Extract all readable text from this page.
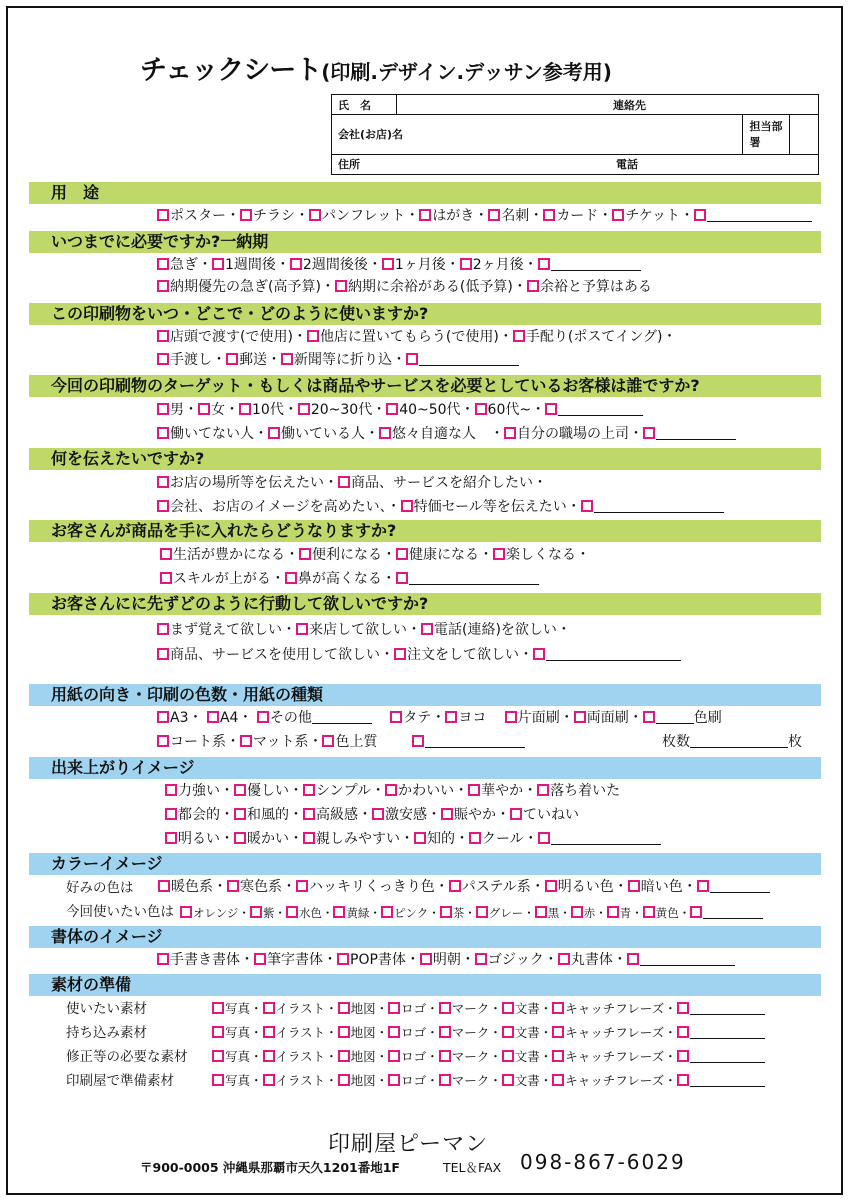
チェックシート(印刷.デザイン.デッサン参考用)
氏　名	連絡先		
会社(お店)名		担当部署	
住所 電話			
用　途
いつまでに必要ですか?一納期
この印刷物をいつ・どこで・どのように使いますか?
今回の印刷物のターゲット・もしくは商品やサービスを必要としているお客様は誰ですか?
何を伝えたいですか?
お客さんが商品を手に入れたらどうなりますか?
お客さんにに先ずどのように行動して欲しいですか?
用紙の向き・印刷の色数・用紙の種類
出来上がりイメージ
カラーイメージ
書体のイメージ
素材の準備
ポスター・ チラシ・ パンフレット・ はがき・ 名刺・ カード・ チケット・
急ぎ・ 1週間後・ 2週間後後・ 1ヶ月後・ 2ヶ月後・
納期優先の急ぎ(高予算)・ 納期に余裕がある(低予算)・ 余裕と予算はある
店頭で渡す(で使用)・ 他店に置いてもらう(で使用)・ 手配り(ポスてイング)・
手渡し・ 郵送・ 新聞等に折り込・
男・ 女・ 10代・ 20~30代・ 40~50代・ 60代~・
働いてない人・ 働いている人・ 悠々自適な人　・ 自分の職場の上司・
お店の場所等を伝えたい・ 商品、サービスを紹介したい・
会社、お店のイメージを高めたい、・ 特価セール等を伝えたい・
生活が豊かになる・ 便利になる・ 健康になる・ 楽しくなる・
スキルが上がる・ 鼻が高くなる・
まず覚えて欲しい・ 来店して欲しい・ 電話(連絡)を欲しい・
商品、サービスを使用して欲しい・ 注文をして欲しい・
A3・ A4・ その他	タテ・ ヨコ 片面刷・ 両面刷・	色刷
コート系・ マット系・ 色上質	枚数	枚
力強い・ 優しい・ シンプル・ かわいい・ 華やか・ 落ち着いた
都会的・ 和風的・ 高級感・ 激安感・ 賑やか・ ていねい
明るい・ 暖かい・ 親しみやすい・ 知的・ クール・
好みの色は	暖色系・ 寒色系・ ハッキリくっきり色・ パステル系・ 明るい色・ 暗い色・
今回使いたい色は	オレンジ・ 紫・ 水色・ 黄緑・ ピンク・ 茶・ グレー・ 黒・ 赤・ 青・ 黄色・
手書き書体・ 筆字書体・ POP書体・ 明朝・ ゴジック・ 丸書体・
使いたい素材	写真・ イラスト・ 地図・ ロゴ・ マーク・ 文書・ キャッチフレーズ・
持ち込み素材	写真・ イラスト・ 地図・ ロゴ・ マーク・ 文書・ キャッチフレーズ・
修正等の必要な素材	写真・ イラスト・ 地図・ ロゴ・ マーク・ 文書・ キャッチフレーズ・
印刷屋で準備素材	写真・ イラスト・ 地図・ ロゴ・ マーク・ 文書・ キャッチフレーズ・
印刷屋ピーマン
〒900-0005 沖縄県那覇市天久1201番地1F	TEL＆FAX 098-867-6029
